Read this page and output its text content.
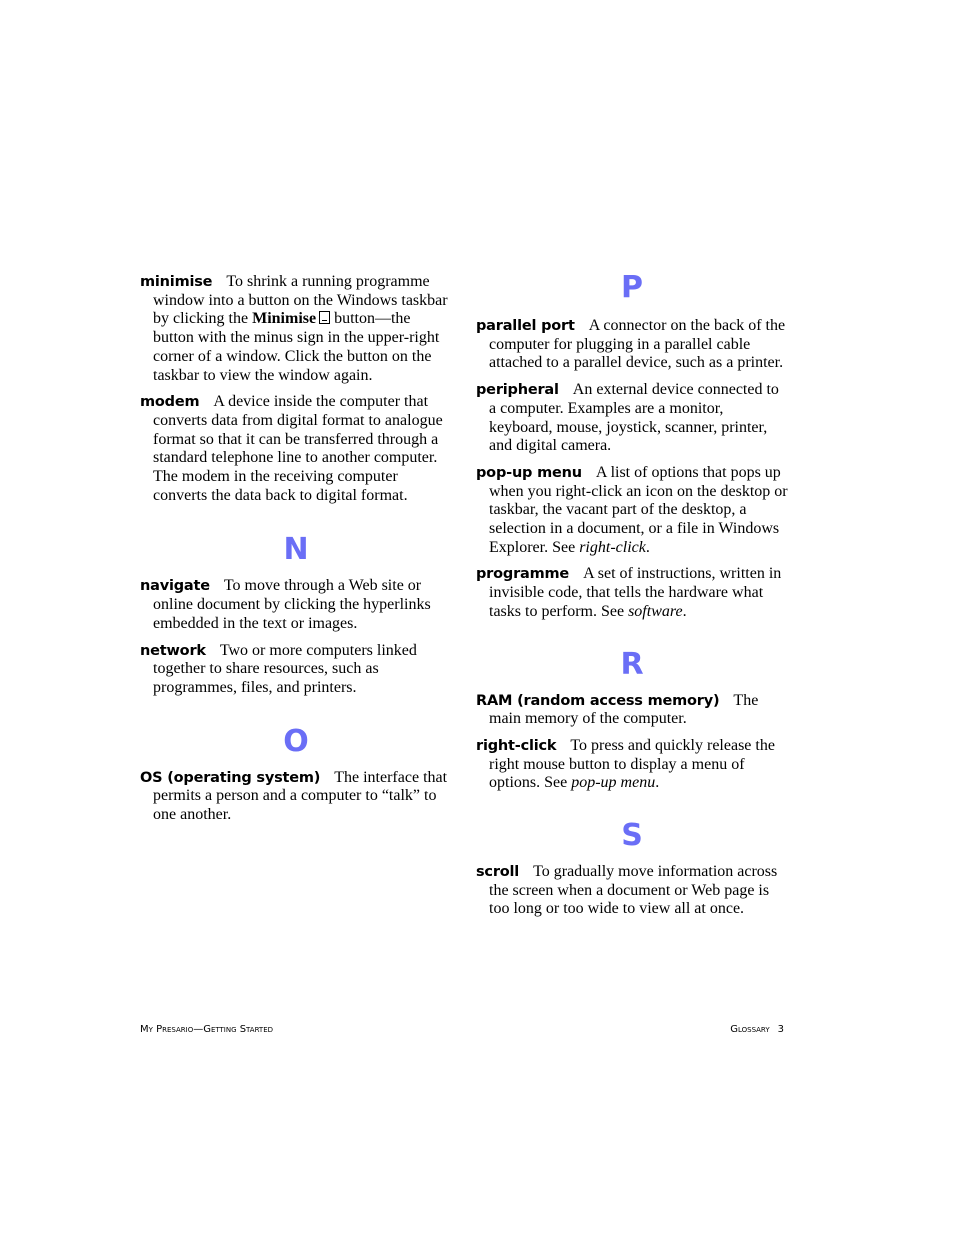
minimise To shrink a running programme window into a button on the Windows taskbar by clicking the Minimise button—the button with the minus sign in the upper-right corner of a window. Click the button on the taskbar to view the window again.

modem A device inside the computer that converts data from digital format to analogue format so that it can be transferred through a standard telephone line to another computer. The modem in the receiving computer converts the data back to digital format.

N

navigate To move through a Web site or online document by clicking the hyperlinks embedded in the text or images.

network Two or more computers linked together to share resources, such as programmes, files, and printers.

O

OS (operating system) The interface that permits a person and a computer to “talk” to one another.

P

parallel port A connector on the back of the computer for plugging in a parallel cable attached to a parallel device, such as a printer.

peripheral An external device connected to a computer. Examples are a monitor, keyboard, mouse, joystick, scanner, printer, and digital camera.

pop-up menu A list of options that pops up when you right-click an icon on the desktop or taskbar, the vacant part of the desktop, a selection in a document, or a file in Windows Explorer. See right-click.

programme A set of instructions, written in invisible code, that tells the hardware what tasks to perform. See software.

R

RAM (random access memory) The main memory of the computer.

right-click To press and quickly release the right mouse button to display a menu of options. See pop-up menu.

S

scroll To gradually move information across the screen when a document or Web page is too long or too wide to view all at once.

My Presario—Getting Started	Glossary 3
